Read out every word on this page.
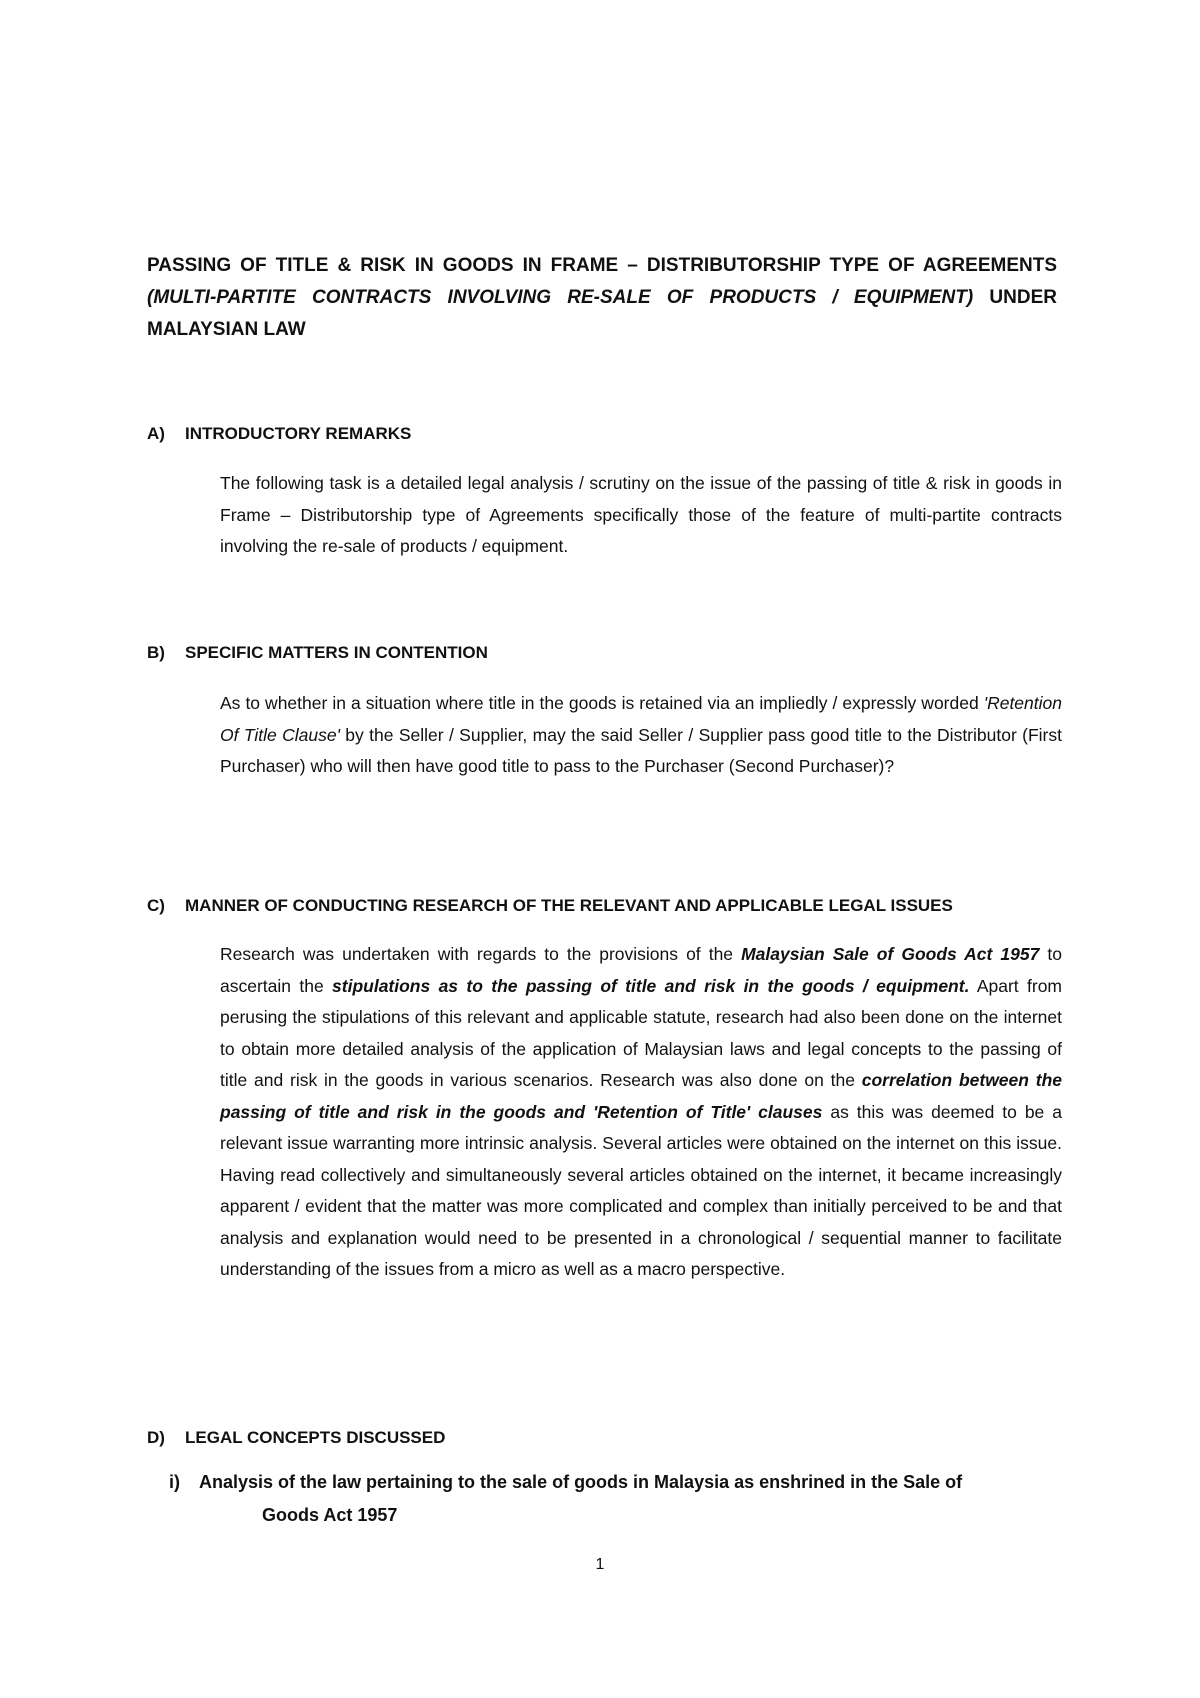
PASSING OF TITLE & RISK IN GOODS IN FRAME – DISTRIBUTORSHIP TYPE OF AGREEMENTS (MULTI-PARTITE CONTRACTS INVOLVING RE-SALE OF PRODUCTS / EQUIPMENT) UNDER MALAYSIAN LAW
A) INTRODUCTORY REMARKS
The following task is a detailed legal analysis / scrutiny on the issue of the passing of title & risk in goods in Frame – Distributorship type of Agreements specifically those of the feature of multi-partite contracts involving the re-sale of products / equipment.
B) SPECIFIC MATTERS IN CONTENTION
As to whether in a situation where title in the goods is retained via an impliedly / expressly worded 'Retention Of Title Clause' by the Seller / Supplier, may the said Seller / Supplier pass good title to the Distributor (First Purchaser) who will then have good title to pass to the Purchaser (Second Purchaser)?
C) MANNER OF CONDUCTING RESEARCH OF THE RELEVANT AND APPLICABLE LEGAL ISSUES
Research was undertaken with regards to the provisions of the Malaysian Sale of Goods Act 1957 to ascertain the stipulations as to the passing of title and risk in the goods / equipment. Apart from perusing the stipulations of this relevant and applicable statute, research had also been done on the internet to obtain more detailed analysis of the application of Malaysian laws and legal concepts to the passing of title and risk in the goods in various scenarios. Research was also done on the correlation between the passing of title and risk in the goods and 'Retention of Title' clauses as this was deemed to be a relevant issue warranting more intrinsic analysis. Several articles were obtained on the internet on this issue. Having read collectively and simultaneously several articles obtained on the internet, it became increasingly apparent / evident that the matter was more complicated and complex than initially perceived to be and that analysis and explanation would need to be presented in a chronological / sequential manner to facilitate understanding of the issues from a micro as well as a macro perspective.
D) LEGAL CONCEPTS DISCUSSED
i) Analysis of the law pertaining to the sale of goods in Malaysia as enshrined in the Sale of
Goods Act 1957
1
